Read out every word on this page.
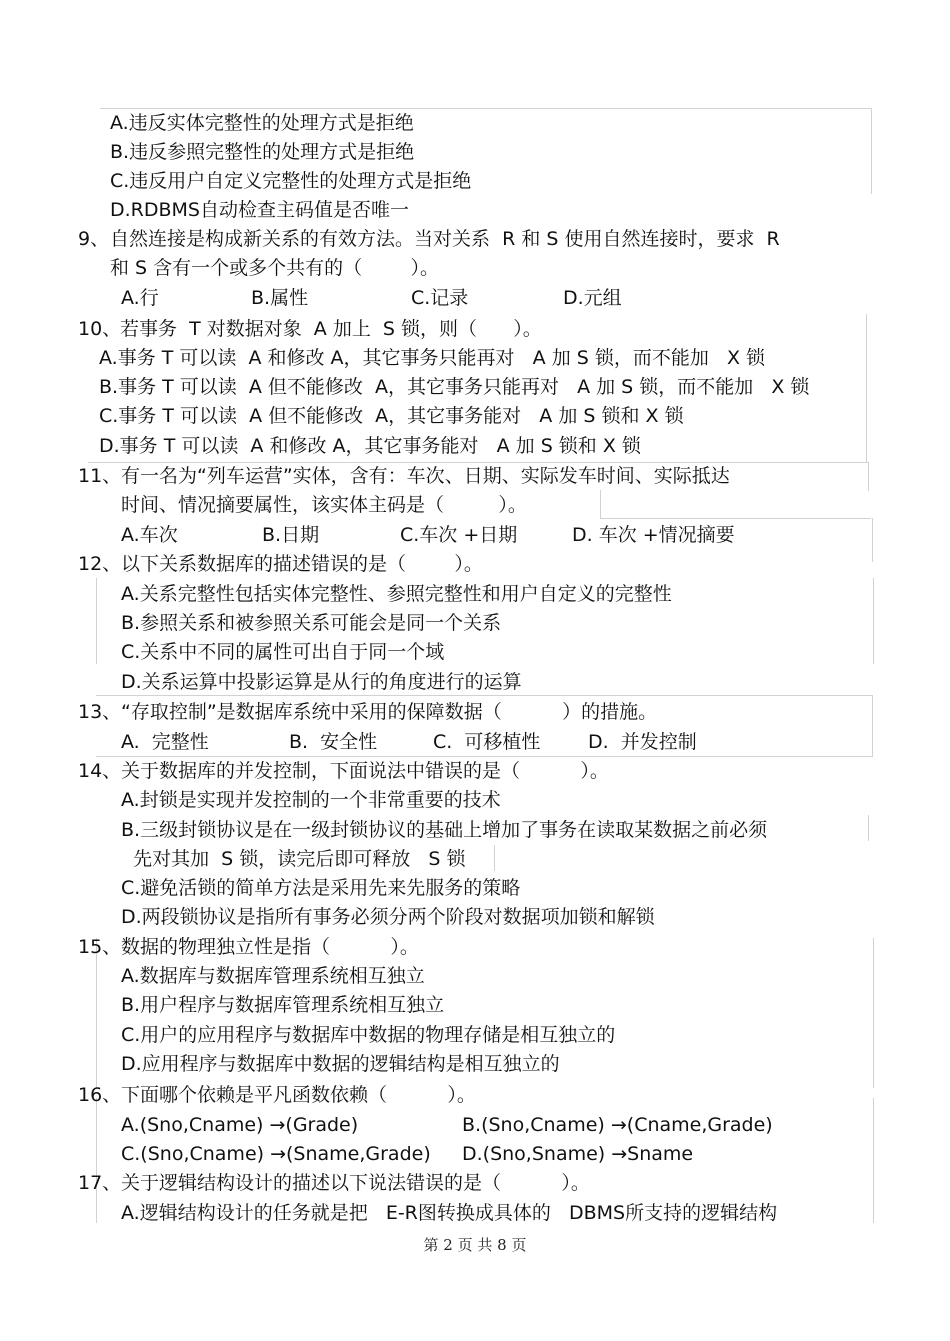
A.违反实体完整性的处理方式是拒绝
B.违反参照完整性的处理方式是拒绝
C.违反用户自定义完整性的处理方式是拒绝
D.RDBMS自动检查主码值是否唯一
9、 自然连接是构成新关系的有效方法。当对关系  R 和 S 使用自然连接时，要求  R
和 S 含有一个或多个共有的（        ）。
A.行	B.属性	C.记录	D.元组
10、
若事务  T 对数据对象  A 加上  S 锁，则（      ）。
A.事务 T 可以读  A 和修改 A，其它事务只能再对   A 加 S 锁，而不能加   X 锁
B.事务 T 可以读  A 但不能修改  A，其它事务只能再对   A 加 S 锁，而不能加   X 锁
C.事务 T 可以读  A 但不能修改  A，其它事务能对   A 加 S 锁和 X 锁
D.事务 T 可以读  A 和修改 A，其它事务能对   A 加 S 锁和 X 锁
11、 有一名为“列车运营”实体，含有：车次、日期、实际发车时间、实际抵达
时间、情况摘要属性，该实体主码是（         ）。
A.车次	B.日期	C.车次 +日期	D. 车次 +情况摘要
12、 以下关系数据库的描述错误的是（        ）。
A.关系完整性包括实体完整性、参照完整性和用户自定义的完整性
B.参照关系和被参照关系可能会是同一个关系
C.关系中不同的属性可出自于同一个域
D.关系运算中投影运算是从行的角度进行的运算
13、 “存取控制”是数据库系统中采用的保障数据（          ）的措施。
A.  完整性	B.  安全性	C.  可移植性	D.  并发控制
14、 关于数据库的并发控制，下面说法中错误的是（          ）。
A.封锁是实现并发控制的一个非常重要的技术
B.三级封锁协议是在一级封锁协议的基础上增加了事务在读取某数据之前必须
先对其加  S 锁，读完后即可释放   S 锁
C.避免活锁的简单方法是采用先来先服务的策略
D.两段锁协议是指所有事务必须分两个阶段对数据项加锁和解锁
15、 数据的物理独立性是指（          ）。
A.数据库与数据库管理系统相互独立
B.用户程序与数据库管理系统相互独立
C.用户的应用程序与数据库中数据的物理存储是相互独立的
D.应用程序与数据库中数据的逻辑结构是相互独立的
16、 下面哪个依赖是平凡函数依赖（          ）。
A.(Sno,Cname) →(Grade)	B.(Sno,Cname) →(Cname,Grade)
C.(Sno,Cname) →(Sname,Grade) D.(Sno,Sname) →Sname
17、 关于逻辑结构设计的描述以下说法错误的是（          ）。
A.逻辑结构设计的任务就是把   E-R图转换成具体的   DBMS所支持的逻辑结构
第 2 页 共 8 页
